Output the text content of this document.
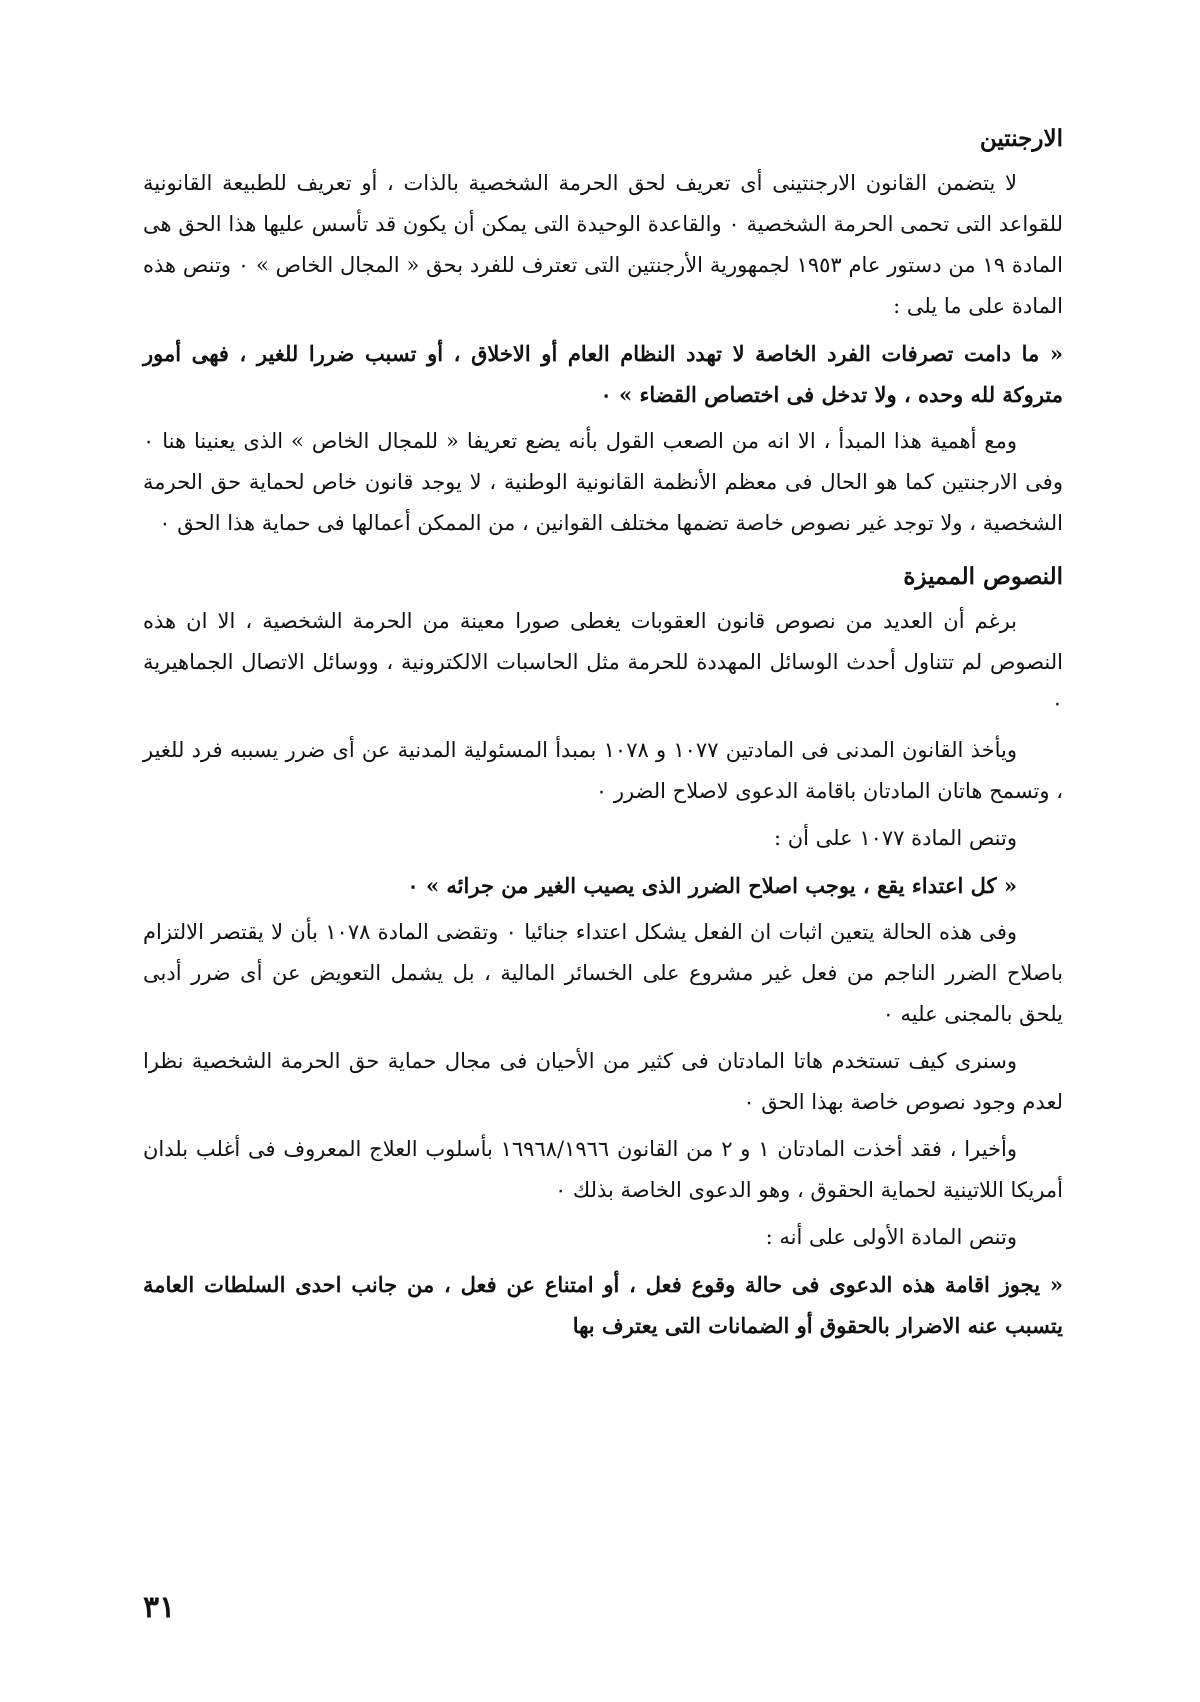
الارجنتين

لا يتضمن القانون الارجنتينى أى تعريف لحق الحرمة الشخصية بالذات ، أو تعريف للطبيعة القانونية للقواعد التى تحمى الحرمة الشخصية ٠ والقاعدة الوحيدة التى يمكن أن يكون قد تأسس عليها هذا الحق هى المادة ١٩ من دستور عام ١٩٥٣ لجمهورية الأرجنتين التى تعترف للفرد بحق « المجال الخاص » ٠ وتنص هذه المادة على ما يلى :

« ما دامت تصرفات الفرد الخاصة لا تهدد النظام العام أو الاخلاق ، أو تسبب ضررا للغير ، فهى أمور متروكة لله وحده ، ولا تدخل فى اختصاص القضاء » ٠

ومع أهمية هذا المبدأ ، الا انه من الصعب القول بأنه يضع تعريفا « للمجال الخاص » الذى يعنينا هنا ٠ وفى الارجنتين كما هو الحال فى معظم الأنظمة القانونية الوطنية ، لا يوجد قانون خاص لحماية حق الحرمة الشخصية ، ولا توجد غير نصوص خاصة تضمها مختلف القوانين ، من الممكن أعمالها فى حماية هذا الحق ٠

النصوص المميزة

برغم أن العديد من نصوص قانون العقوبات يغطى صورا معينة من الحرمة الشخصية ، الا ان هذه النصوص لم تتناول أحدث الوسائل المهددة للحرمة مثل الحاسبات الالكترونية ، ووسائل الاتصال الجماهيرية ٠

ويأخذ القانون المدنى فى المادتين ١٠٧٧ و ١٠٧٨ بمبدأ المسئولية المدنية عن أى ضرر يسببه فرد للغير ، وتسمح هاتان المادتان باقامة الدعوى لاصلاح الضرر ٠

وتنص المادة ١٠٧٧ على أن :

« كل اعتداء يقع ، يوجب اصلاح الضرر الذى يصيب الغير من جرائه » ٠

وفى هذه الحالة يتعين اثبات ان الفعل يشكل اعتداء جنائيا ٠ وتقضى المادة ١٠٧٨ بأن لا يقتصر الالتزام باصلاح الضرر الناجم من فعل غير مشروع على الخسائر المالية ، بل يشمل التعويض عن أى ضرر أدبى يلحق بالمجنى عليه ٠

وسنرى كيف تستخدم هاتا المادتان فى كثير من الأحيان فى مجال حماية حق الحرمة الشخصية نظرا لعدم وجود نصوص خاصة بهذا الحق ٠

وأخيرا ، فقد أخذت المادتان ١ و ٢ من القانون ١٦٩٦٨/١٩٦٦ بأسلوب العلاج المعروف فى أغلب بلدان أمريكا اللاتينية لحماية الحقوق ، وهو الدعوى الخاصة بذلك ٠

وتنص المادة الأولى على أنه :

« يجوز اقامة هذه الدعوى فى حالة وقوع فعل ، أو امتناع عن فعل ، من جانب احدى السلطات العامة يتسبب عنه الاضرار بالحقوق أو الضمانات التى يعترف بها

٣١
